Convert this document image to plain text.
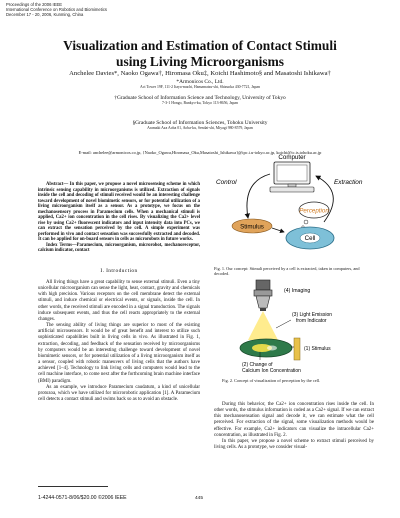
Proceedings of the 2006 IEEE
International Conference on Robotics and Biomimetics
December 17 - 20, 2006, Kunming, China
Visualization and Estimation of Contact Stimuli
using Living Microorganisms
Anchelee Davies*, Naoko Ogawa†, Hiromasa Oku‡, Koichi Hashimoto§ and Masatoshi Ishikawa†
*Armonicos Co., Ltd.
Act Tower 19F, 111-2 Itaya-machi, Hamamatsu-shi, Shizuoka 430-7721, Japan
†Graduate School of Information Science and Technology, University of Tokyo
7-3-1 Hongo, Bunkyo-ku, Tokyo 113-8656, Japan
§Graduate School of Information Sciences, Tohoku University
Aramaki Aza Aoba 01, Aoba-ku, Sendai-shi, Miyagi 980-8579, Japan
E-mail: anchelee@armonicos.co.jp, {Naoko_Ogawa,Hiromasa_Oku,Masatoshi_Ishikawa}@ipc.i.u-tokyo.ac.jp, koichi@ic.is.tohoku.ac.jp

Abstract— In this paper, we propose a novel microsensing scheme in which intrinsic sensing capability in microorganisms is utilized. Extraction of signals inside the cell and decoding of stimuli received would be an interesting challenge toward development of novel biomimetic sensors, or for potential utilization of a living microorganism itself as a sensor. As a prototype, we focus on the mechanosensory process in Paramecium cells. When a mechanical stimuli is applied, Ca2+ ion concentration in the cell rises. By visualizing the Ca2+ level rise by using Ca2+ fluorescent indicators and input intensity data into PCs, we can extract the sensation perceived by the cell. A simple experiment was performed in vivo and contact sensation was successfully extracted and decoded. It can be applied for on-board sensors in cells as microrobots in future works.

Index Terms—Paramecium, microorganism, microrobot, mechanoreceptor, calcium indicator, contact

I. Introduction

All living things have a great capability to sense external stimuli. Even a tiny unicellular microorganism can sense the light, heat, contact, gravity and chemicals with high precision. Various receptors on the cell membrane detect the external stimuli, and induce chemical or electrical events, or signals, inside the cell. In other words, the received stimuli are encoded in a signal transduction. The signals induce subsequent events, and thus the cell reacts appropriately to the external changes.

The sensing ability of living things are superior to most of the existing artificial microsensors. It would be of great benefit and interest to utilize such sophisticated capabilities built in living cells in vivo. As illustrated in Fig. 1, extraction, decoding, and feedback of the sensation received by microorganisms by computers would be an interesting challenge toward development of novel biomimetic sensors, or for potential utilization of a living microorganism itself as a sensor, coupled with robotic maneuvers of living cells that the authors have achieved [1–4]. Technology to link living cells and computers would lead to the cell machine interface, to come next after the forthcoming brain machine interface (BMI) paradigm.

As an example, we introduce Paramecium caudatum, a kind of unicellular protozoa, which we have utilized for microrobotic application [1]. A Paramecium cell detects a contact stimuli and swims back so as to avoid an obstacle.

Computer
Control	Extraction
Perception
Stimulus
Cell
Fig. 1. Our concept: Stimuli perceived by a cell is extracted, taken in computers, and decoded.
(4) Imaging
(3) Light Emission
from Indicator
(1) Stimulus
(2) Change of
Calcium Ion Concentration
Fig. 2. Concept of visualization of perception by the cell.

During this behavior, the Ca2+ ion concentration rises inside the cell. In other words, the stimulus information is coded as a Ca2+ signal. If we can extract this mechanosensation signal and decode it, we can estimate what the cell perceived. For extraction of the signal, some visualization methods would be effective. For example, Ca2+ indicators can visualize the intracellular Ca2+ concentration, as illustrated in Fig. 2.

In this paper, we propose a novel scheme to extract stimuli perceived by living cells. As a prototype, we consider visual-

1-4244-0571-8/06/$20.00 ©2006 IEEE	445
